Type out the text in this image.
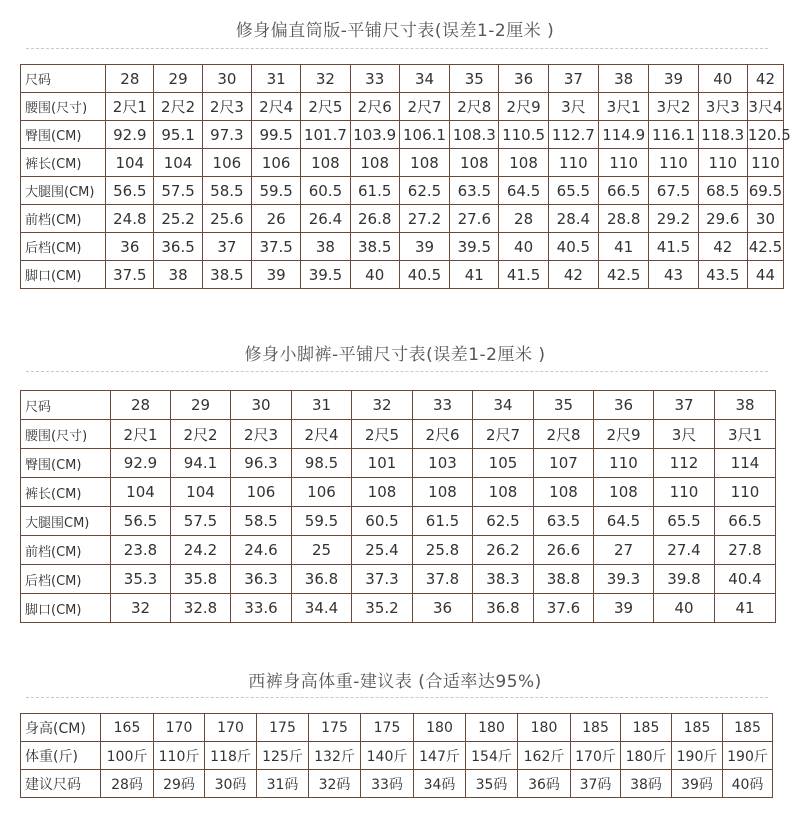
修身偏直筒版-平铺尺寸表(误差1-2厘米 )
尺码	28	29	30	31	32	33	34	35	36	37	38	39	40	42
腰围(尺寸)	2尺1	2尺2	2尺3	2尺4	2尺5	2尺6	2尺7	2尺8	2尺9	3尺	3尺1	3尺2	3尺3	3尺4
臀围(CM)	92.9	95.1	97.3	99.5	101.7	103.9	106.1	108.3	110.5	112.7	114.9	116.1	118.3	120.5
裤长(CM)	104	104	106	106	108	108	108	108	108	110	110	110	110	110
大腿围(CM)	56.5	57.5	58.5	59.5	60.5	61.5	62.5	63.5	64.5	65.5	66.5	67.5	68.5	69.5
前档(CM)	24.8	25.2	25.6	26	26.4	26.8	27.2	27.6	28	28.4	28.8	29.2	29.6	30
后档(CM)	36	36.5	37	37.5	38	38.5	39	39.5	40	40.5	41	41.5	42	42.5
脚口(CM)	37.5	38	38.5	39	39.5	40	40.5	41	41.5	42	42.5	43	43.5	44
修身小脚裤-平铺尺寸表(误差1-2厘米 )
尺码	28	29	30	31	32	33	34	35	36	37	38
腰围(尺寸)	2尺1	2尺2	2尺3	2尺4	2尺5	2尺6	2尺7	2尺8	2尺9	3尺	3尺1
臀围(CM)	92.9	94.1	96.3	98.5	101	103	105	107	110	112	114
裤长(CM)	104	104	106	106	108	108	108	108	108	110	110
大腿围CM)	56.5	57.5	58.5	59.5	60.5	61.5	62.5	63.5	64.5	65.5	66.5
前档(CM)	23.8	24.2	24.6	25	25.4	25.8	26.2	26.6	27	27.4	27.8
后档(CM)	35.3	35.8	36.3	36.8	37.3	37.8	38.3	38.8	39.3	39.8	40.4
脚口(CM)	32	32.8	33.6	34.4	35.2	36	36.8	37.6	39	40	41
西裤身高体重-建议表 (合适率达95%)
身高(CM)	165	170	170	175	175	175	180	180	180	185	185	185	185
体重(斤)	100斤	110斤	118斤	125斤	132斤	140斤	147斤	154斤	162斤	170斤	180斤	190斤	190斤
建议尺码	28码	29码	30码	31码	32码	33码	34码	35码	36码	37码	38码	39码	40码
